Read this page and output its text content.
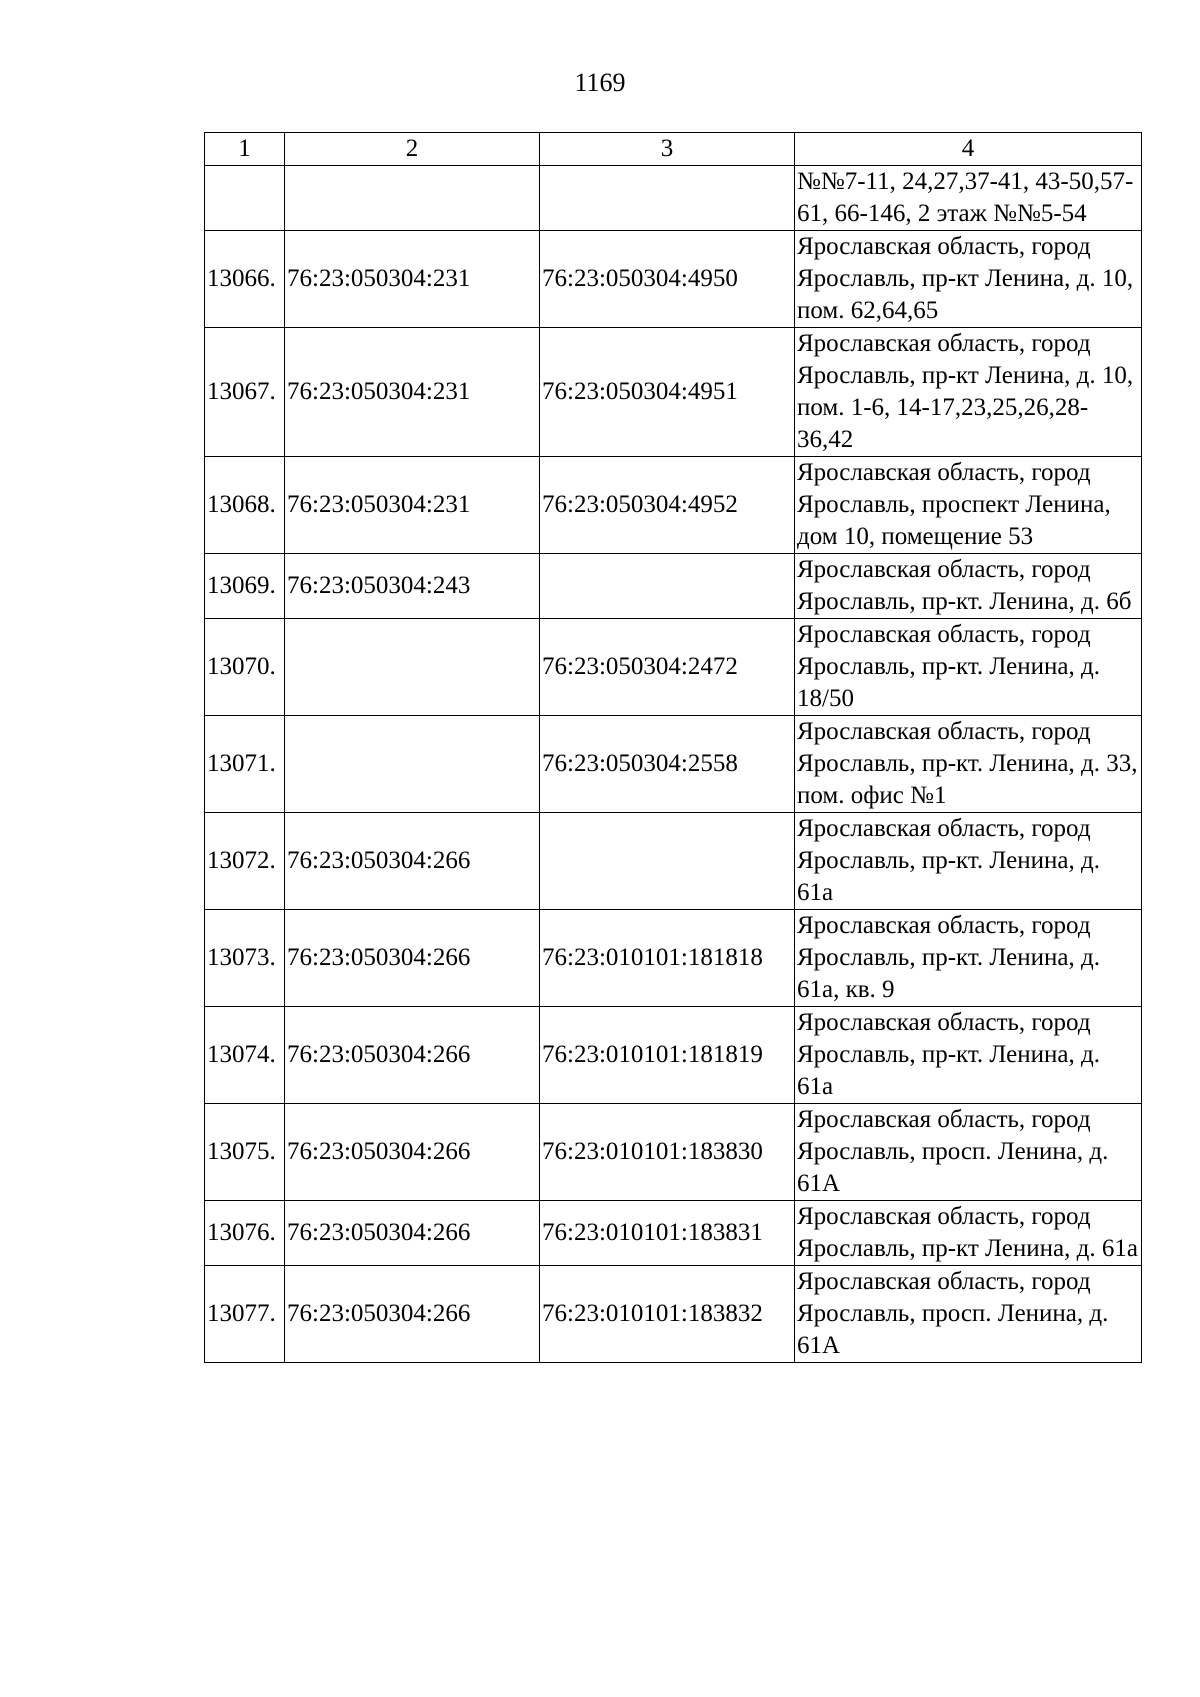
1169
1	2	3	4
			№№7-11, 24,27,37-41, 43-50,57-61, 66-146, 2 этаж №№5-54
13066.	76:23:050304:231	76:23:050304:4950	Ярославская область, город Ярославль, пр-кт Ленина, д. 10, пом. 62,64,65
13067.	76:23:050304:231	76:23:050304:4951	Ярославская область, город Ярославль, пр-кт Ленина, д. 10, пом. 1-6, 14-17,23,25,26,28-36,42
13068.	76:23:050304:231	76:23:050304:4952	Ярославская область, город Ярославль, проспект Ленина, дом 10, помещение 53
13069.	76:23:050304:243		Ярославская область, город Ярославль, пр-кт. Ленина, д. 6б
13070.		76:23:050304:2472	Ярославская область, город Ярославль, пр-кт. Ленина, д. 18/50
13071.		76:23:050304:2558	Ярославская область, город Ярославль, пр-кт. Ленина, д. 33, пом. офис №1
13072.	76:23:050304:266		Ярославская область, город Ярославль, пр-кт. Ленина, д. 61а
13073.	76:23:050304:266	76:23:010101:181818	Ярославская область, город Ярославль, пр-кт. Ленина, д. 61а, кв. 9
13074.	76:23:050304:266	76:23:010101:181819	Ярославская область, город Ярославль, пр-кт. Ленина, д. 61а
13075.	76:23:050304:266	76:23:010101:183830	Ярославская область, город Ярославль, просп. Ленина, д. 61А
13076.	76:23:050304:266	76:23:010101:183831	Ярославская область, город Ярославль, пр-кт Ленина, д. 61а
13077.	76:23:050304:266	76:23:010101:183832	Ярославская область, город Ярославль, просп. Ленина, д. 61А
